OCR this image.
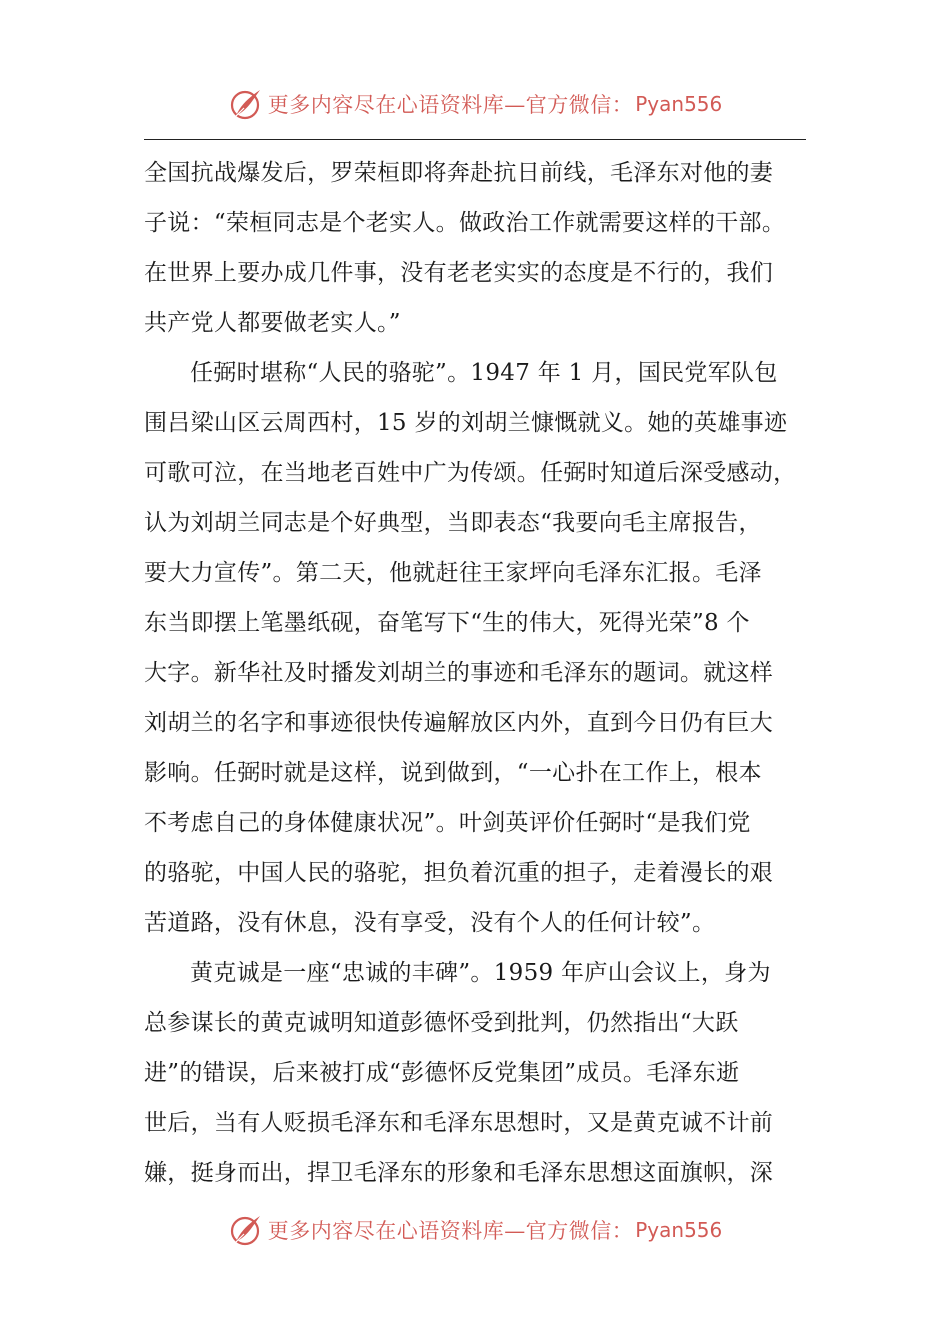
更多内容尽在心语资料库—官方微信： Pyan556
全国抗战爆发后，罗荣桓即将奔赴抗日前线，毛泽东对他的妻
子说：“荣桓同志是个老实人。做政治工作就需要这样的干部。
在世界上要办成几件事，没有老老实实的态度是不行的，我们
共产党人都要做老实人。”
任弼时堪称“人民的骆驼”。1947 年 1 月，国民党军队包
围吕梁山区云周西村，15 岁的刘胡兰慷慨就义。她的英雄事迹
可歌可泣，在当地老百姓中广为传颂。任弼时知道后深受感动，
认为刘胡兰同志是个好典型，当即表态“我要向毛主席报告，
要大力宣传”。第二天，他就赶往王家坪向毛泽东汇报。毛泽
东当即摆上笔墨纸砚，奋笔写下“生的伟大，死得光荣”8 个
大字。新华社及时播发刘胡兰的事迹和毛泽东的题词。就这样
刘胡兰的名字和事迹很快传遍解放区内外，直到今日仍有巨大
影响。任弼时就是这样，说到做到，“一心扑在工作上，根本
不考虑自己的身体健康状况”。叶剑英评价任弼时“是我们党
的骆驼，中国人民的骆驼，担负着沉重的担子，走着漫长的艰
苦道路，没有休息，没有享受，没有个人的任何计较”。
黄克诚是一座“忠诚的丰碑”。1959 年庐山会议上，身为
总参谋长的黄克诚明知道彭德怀受到批判，仍然指出“大跃
进”的错误，后来被打成“彭德怀反党集团”成员。毛泽东逝
世后，当有人贬损毛泽东和毛泽东思想时，又是黄克诚不计前
嫌，挺身而出，捍卫毛泽东的形象和毛泽东思想这面旗帜，深
更多内容尽在心语资料库—官方微信： Pyan556
